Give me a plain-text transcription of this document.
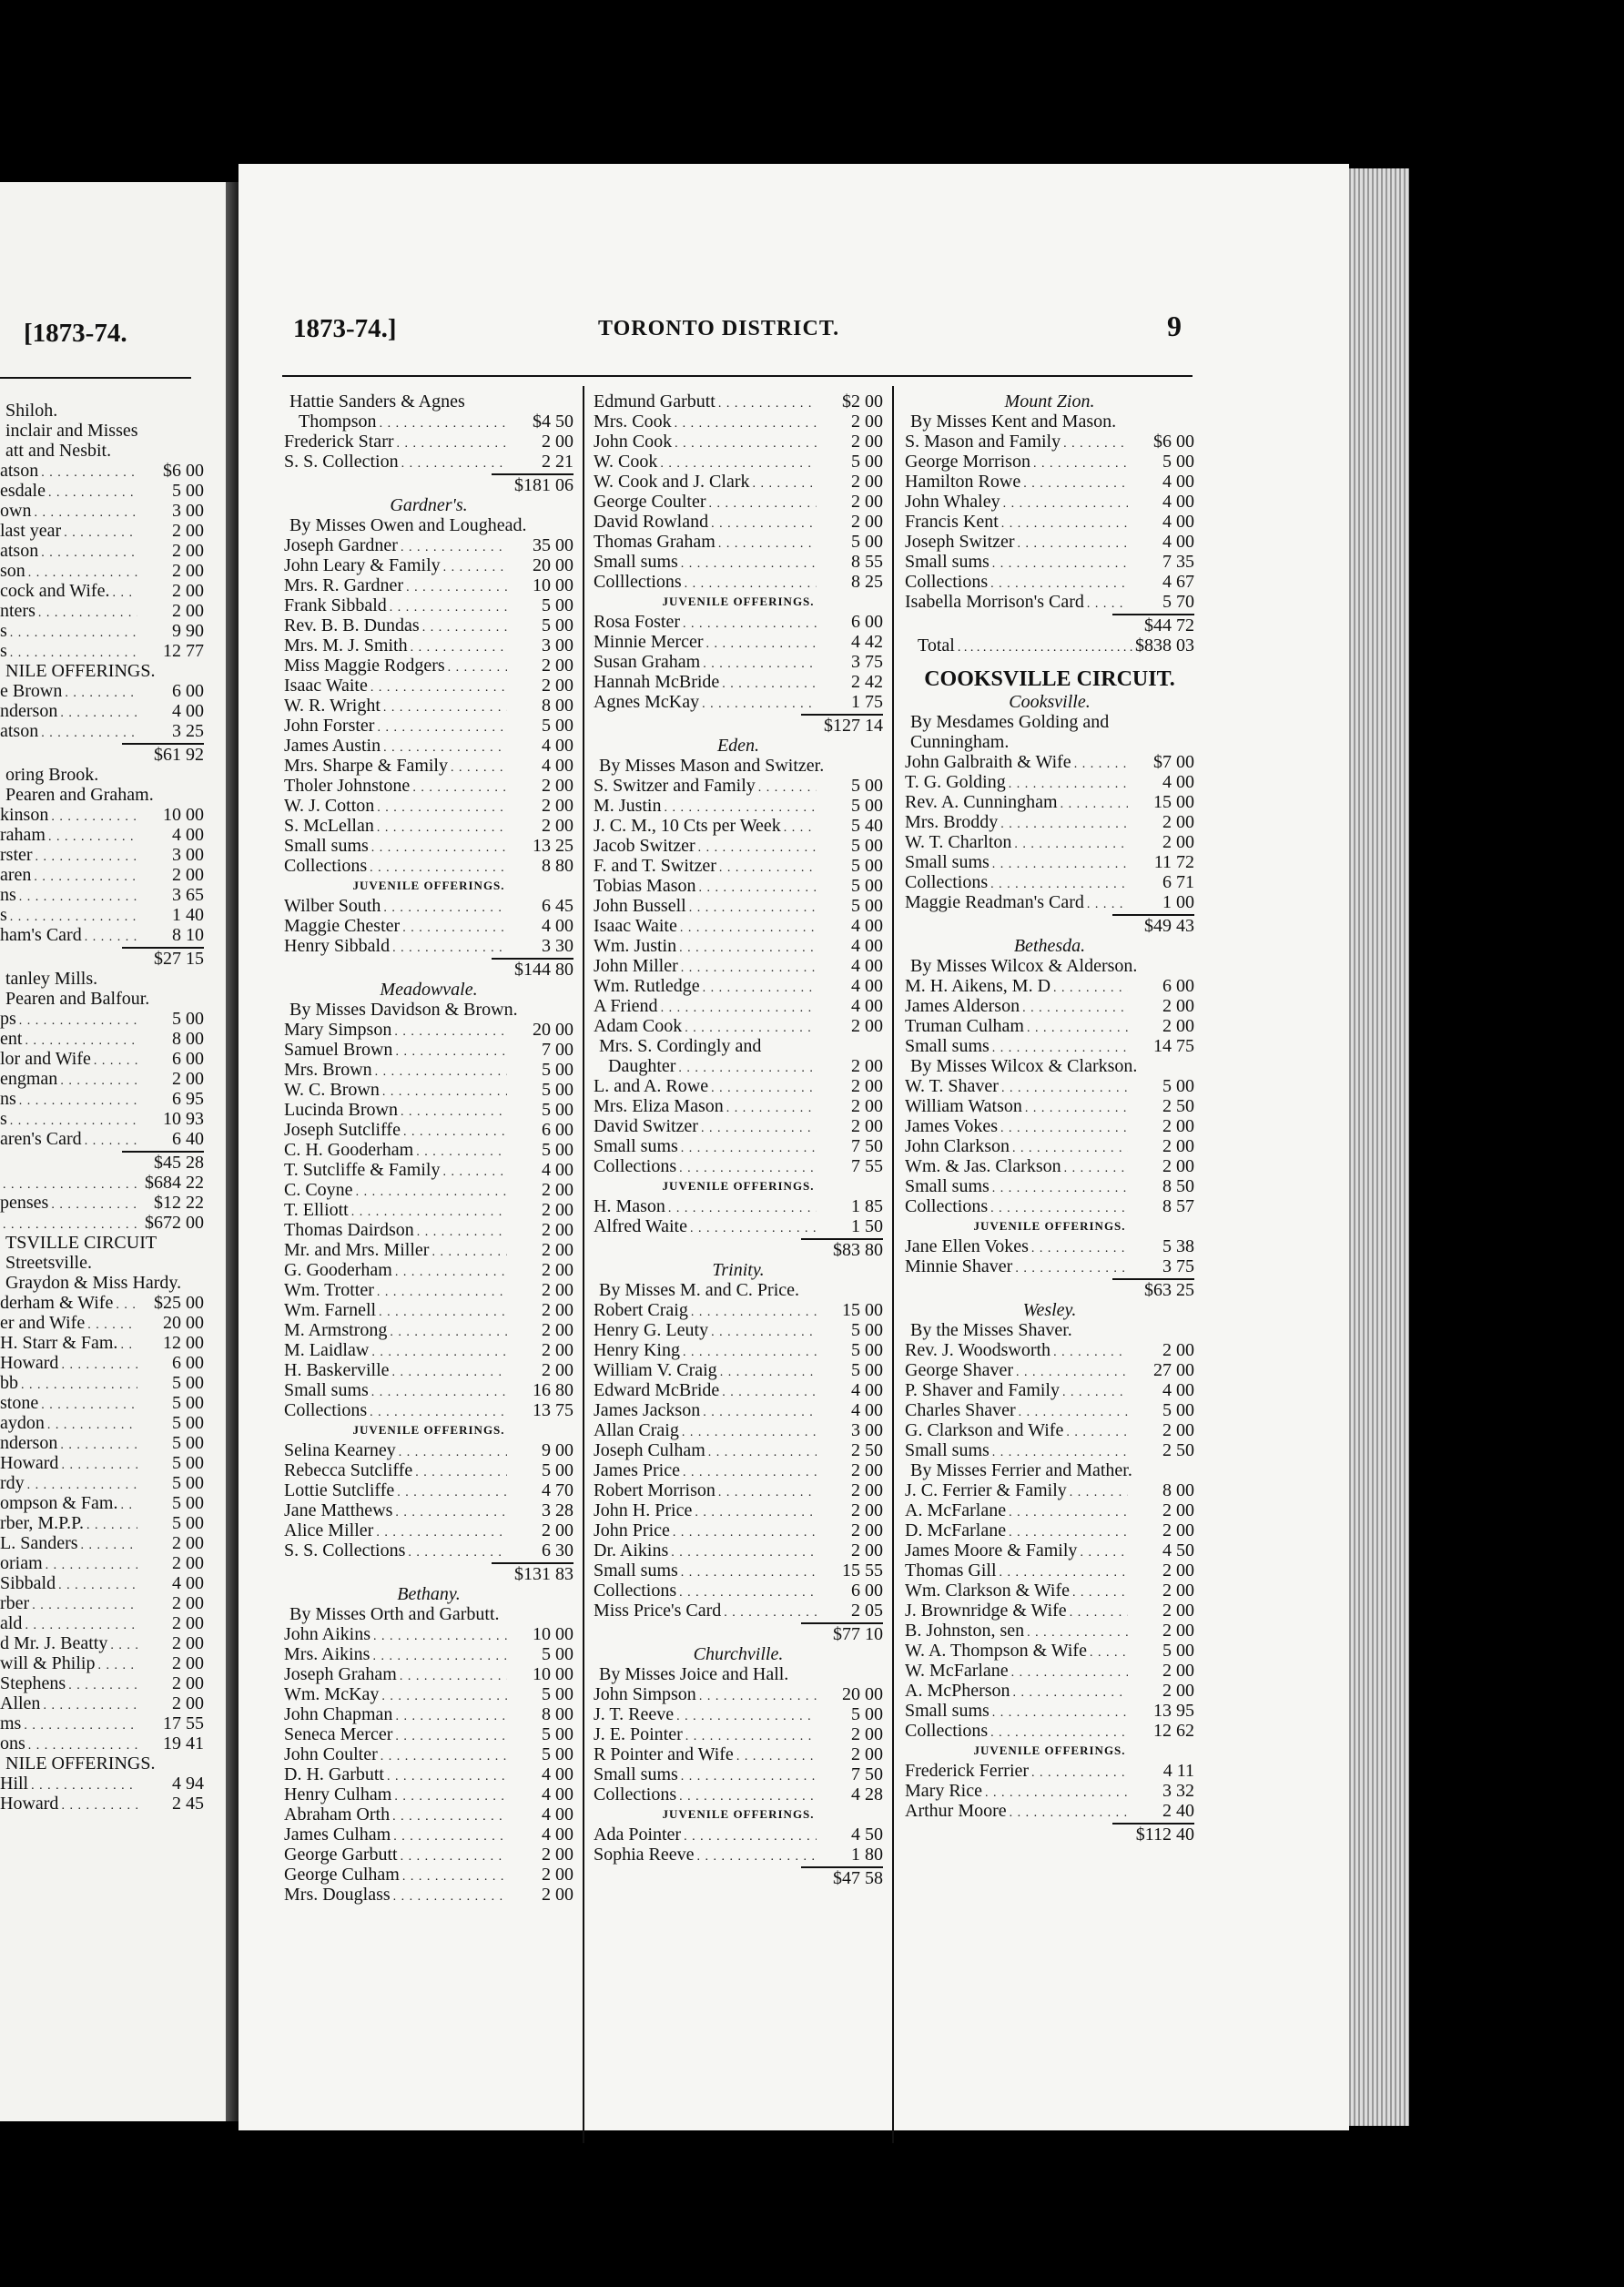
[1873-74.
Shiloh.
inclair and Misses
att and Nesbit.
atson . . .	$6 00
esdale . . .	5 00
own . . .	3 00
last year . . .	2 00
atson . . .	2 00
son . . .	2 00
cock and Wife. . . .	2 00
nters . . .	2 00
s . . .	9 90
s . . .	12 77
NILE OFFERINGS.
e Brown . . .	6 00
nderson . . .	4 00
atson . . .	3 25
$61 92
oring Brook.
Pearen and Graham.
kinson . . .	10 00
raham . . .	4 00
rster . . .	3 00
aren . . .	2 00
ns . . .	3 65
s . . .	1 40
ham's Card . . .	8 10
$27 15
tanley Mills.
Pearen and Balfour.
ps . . .	5 00
ent . . .	8 00
lor and Wife . . .	6 00
engman . . .	2 00
ns . . .	6 95
s . . .	10 93
aren's Card . . .	6 40
$45 28
. . .
$684 22
penses . . .	$12 22
. . .
$672 00
TSVILLE CIRCUIT
Streetsville.
Graydon & Miss Hardy.
derham & Wife . . .	$25 00
er and Wife . . .	20 00
H. Starr & Fam. . . .	12 00
Howard . . .	6 00
bb . . .	5 00
stone . . .	5 00
aydon . . .	5 00
nderson . . .	5 00
Howard . . .	5 00
rdy . . .	5 00
ompson & Fam. . . .	5 00
rber, M.P.P. . . .	5 00
L. Sanders . . .	2 00
oriam . . .	2 00
Sibbald . . .	4 00
rber . . .	2 00
ald . . .	2 00
d Mr. J. Beatty . . .	2 00
will & Philip . . .	2 00
Stephens . . .	2 00
Allen . . .	2 00
ms . . .	17 55
ons . . .	19 41
NILE OFFERINGS.
Hill . . .	4 94
Howard . . .	2 45
1873-74.]	TORONTO DISTRICT.	9
Hattie Sanders & Agnes
Thompson . . .	$4 50
Frederick Starr . . .	2 00
S. S. Collection . . .	2 21
$181 06
Gardner's.
By Misses Owen and Loughead.
Joseph Gardner . . .	35 00
John Leary & Family . . .	20 00
Mrs. R. Gardner . . .	10 00
Frank Sibbald . . .	5 00
Rev. B. B. Dundas . . .	5 00
Mrs. M. J. Smith . . .	3 00
Miss Maggie Rodgers . . .	2 00
Isaac Waite . . .	2 00
W. R. Wright . . .	8 00
John Forster . . .	5 00
James Austin . . .	4 00
Mrs. Sharpe & Family . . .	4 00
Tholer Johnstone . . .	2 00
W. J. Cotton . . .	2 00
S. McLellan . . .	2 00
Small sums . . .	13 25
Collections . . .	8 80
JUVENILE OFFERINGS.
Wilber South . . .	6 45
Maggie Chester . . .	4 00
Henry Sibbald . . .	3 30
$144 80
Meadowvale.
By Misses Davidson & Brown.
Mary Simpson . . .	20 00
Samuel Brown . . .	7 00
Mrs. Brown . . .	5 00
W. C. Brown . . .	5 00
Lucinda Brown . . .	5 00
Joseph Sutcliffe . . .	6 00
C. H. Gooderham . . .	5 00
T. Sutcliffe & Family . . .	4 00
C. Coyne . . .	2 00
T. Elliott . . .	2 00
Thomas Dairdson . . .	2 00
Mr. and Mrs. Miller . . .	2 00
G. Gooderham . . .	2 00
Wm. Trotter . . .	2 00
Wm. Farnell . . .	2 00
M. Armstrong . . .	2 00
M. Laidlaw . . .	2 00
H. Baskerville . . .	2 00
Small sums . . .	16 80
Collections . . .	13 75
JUVENILE OFFERINGS.
Selina Kearney . . .	9 00
Rebecca Sutcliffe . . .	5 00
Lottie Sutcliffe . . .	4 70
Jane Matthews . . .	3 28
Alice Miller . . .	2 00
S. S. Collections . . .	6 30
$131 83
Bethany.
By Misses Orth and Garbutt.
John Aikins . . .	10 00
Mrs. Aikins . . .	5 00
Joseph Graham . . .	10 00
Wm. McKay . . .	5 00
John Chapman . . .	8 00
Seneca Mercer . . .	5 00
John Coulter . . .	5 00
D. H. Garbutt . . .	4 00
Henry Culham . . .	4 00
Abraham Orth . . .	4 00
James Culham . . .	4 00
George Garbutt . . .	2 00
George Culham . . .	2 00
Mrs. Douglass . . .	2 00
Edmund Garbutt . . .	$2 00
Mrs. Cook . . .	2 00
John Cook . . .	2 00
W. Cook . . .	5 00
W. Cook and J. Clark . . .	2 00
George Coulter . . .	2 00
David Rowland . . .	2 00
Thomas Graham . . .	5 00
Small sums . . .	8 55
Colllections . . .	8 25
JUVENILE OFFERINGS.
Rosa Foster . . .	6 00
Minnie Mercer . . .	4 42
Susan Graham . . .	3 75
Hannah McBride . . .	2 42
Agnes McKay . . .	1 75
$127 14
Eden.
By Misses Mason and Switzer.
S. Switzer and Family . . .	5 00
M. Justin . . .	5 00
J. C. M., 10 Cts per Week . . .	5 40
Jacob Switzer . . .	5 00
F. and T. Switzer . . .	5 00
Tobias Mason . . .	5 00
John Bussell . . .	5 00
Isaac Waite . . .	4 00
Wm. Justin . . .	4 00
John Miller . . .	4 00
Wm. Rutledge . . .	4 00
A Friend . . .	4 00
Adam Cook . . .	2 00
Mrs. S. Cordingly and
Daughter . . .	2 00
L. and A. Rowe . . .	2 00
Mrs. Eliza Mason . . .	2 00
David Switzer . . .	2 00
Small sums . . .	7 50
Collections . . .	7 55
JUVENILE OFFERINGS.
H. Mason . . .	1 85
Alfred Waite . . .	1 50
$83 80
Trinity.
By Misses M. and C. Price.
Robert Craig . . .	15 00
Henry G. Leuty . . .	5 00
Henry King . . .	5 00
William V. Craig . . .	5 00
Edward McBride . . .	4 00
James Jackson . . .	4 00
Allan Craig . . .	3 00
Joseph Culham . . .	2 50
James Price . . .	2 00
Robert Morrison . . .	2 00
John H. Price . . .	2 00
John Price . . .	2 00
Dr. Aikins . . .	2 00
Small sums . . .	15 55
Collections . . .	6 00
Miss Price's Card . . .	2 05
$77 10
Churchville.
By Misses Joice and Hall.
John Simpson . . .	20 00
J. T. Reeve . . .	5 00
J. E. Pointer . . .	2 00
R Pointer and Wife . . .	2 00
Small sums . . .	7 50
Collections . . .	4 28
JUVENILE OFFERINGS.
Ada Pointer . . .	4 50
Sophia Reeve . . .	1 80
$47 58
Mount Zion.
By Misses Kent and Mason.
S. Mason and Family . . .	$6 00
George Morrison . . .	5 00
Hamilton Rowe . . .	4 00
John Whaley . . .	4 00
Francis Kent . . .	4 00
Joseph Switzer . . .	4 00
Small sums . . .	7 35
Collections . . .	4 67
Isabella Morrison's Card . . .	5 70
$44 72
Total . . .	$838 03
COOKSVILLE CIRCUIT.
Cooksville.
By Mesdames Golding and
Cunningham.
John Galbraith & Wife . . .	$7 00
T. G. Golding . . .	4 00
Rev. A. Cunningham . . .	15 00
Mrs. Broddy . . .	2 00
W. T. Charlton . . .	2 00
Small sums . . .	11 72
Collections . . .	6 71
Maggie Readman's Card . . .	1 00
$49 43
Bethesda.
By Misses Wilcox & Alderson.
M. H. Aikens, M. D . . .	6 00
James Alderson . . .	2 00
Truman Culham . . .	2 00
Small sums . . .	14 75
By Misses Wilcox & Clarkson.
W. T. Shaver . . .	5 00
William Watson . . .	2 50
James Vokes . . .	2 00
John Clarkson . . .	2 00
Wm. & Jas. Clarkson . . .	2 00
Small sums . . .	8 50
Collections . . .	8 57
JUVENILE OFFERINGS.
Jane Ellen Vokes . . .	5 38
Minnie Shaver . . .	3 75
$63 25
Wesley.
By the Misses Shaver.
Rev. J. Woodsworth . . .	2 00
George Shaver . . .	27 00
P. Shaver and Family . . .	4 00
Charles Shaver . . .	5 00
G. Clarkson and Wife . . .	2 00
Small sums . . .	2 50
By Misses Ferrier and Mather.
J. C. Ferrier & Family . . .	8 00
A. McFarlane . . .	2 00
D. McFarlane . . .	2 00
James Moore & Family . . .	4 50
Thomas Gill . . .	2 00
Wm. Clarkson & Wife . . .	2 00
J. Brownridge & Wife . . .	2 00
B. Johnston, sen . . .	2 00
W. A. Thompson & Wife . . .	5 00
W. McFarlane . . .	2 00
A. McPherson . . .	2 00
Small sums . . .	13 95
Collections . . .	12 62
JUVENILE OFFERINGS.
Frederick Ferrier . . .	4 11
Mary Rice . . .	3 32
Arthur Moore . . .	2 40
$112 40
